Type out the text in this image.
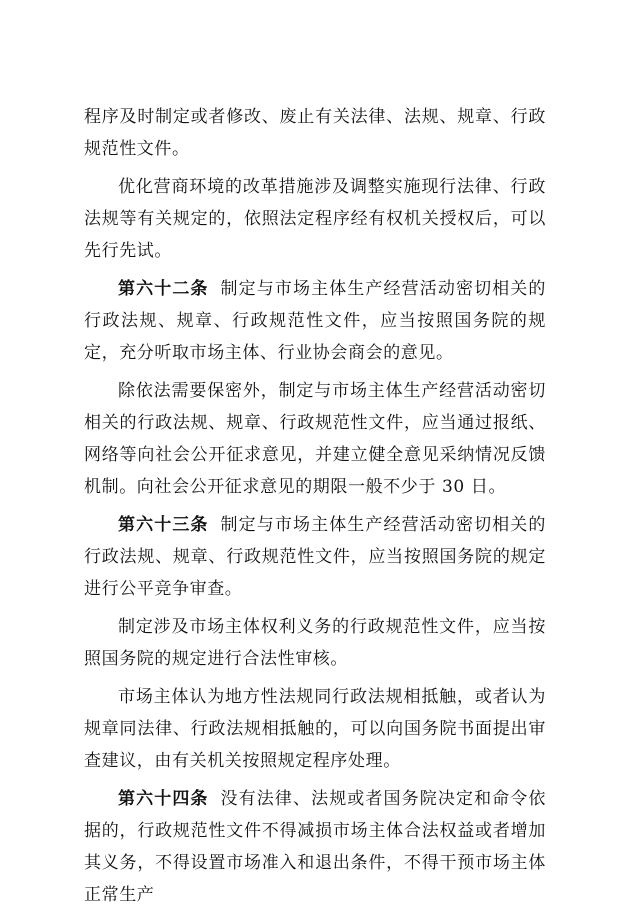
程序及时制定或者修改、废止有关法律、法规、规章、行政规范性文件。

优化营商环境的改革措施涉及调整实施现行法律、行政法规等有关规定的，依照法定程序经有权机关授权后，可以先行先试。

第六十二条 制定与市场主体生产经营活动密切相关的行政法规、规章、行政规范性文件，应当按照国务院的规定，充分听取市场主体、行业协会商会的意见。

除依法需要保密外，制定与市场主体生产经营活动密切相关的行政法规、规章、行政规范性文件，应当通过报纸、网络等向社会公开征求意见，并建立健全意见采纳情况反馈机制。向社会公开征求意见的期限一般不少于 30 日。

第六十三条 制定与市场主体生产经营活动密切相关的行政法规、规章、行政规范性文件，应当按照国务院的规定进行公平竞争审查。

制定涉及市场主体权利义务的行政规范性文件，应当按照国务院的规定进行合法性审核。

市场主体认为地方性法规同行政法规相抵触，或者认为规章同法律、行政法规相抵触的，可以向国务院书面提出审查建议，由有关机关按照规定程序处理。

第六十四条 没有法律、法规或者国务院决定和命令依据的，行政规范性文件不得减损市场主体合法权益或者增加其义务，不得设置市场准入和退出条件，不得干预市场主体正常生产
